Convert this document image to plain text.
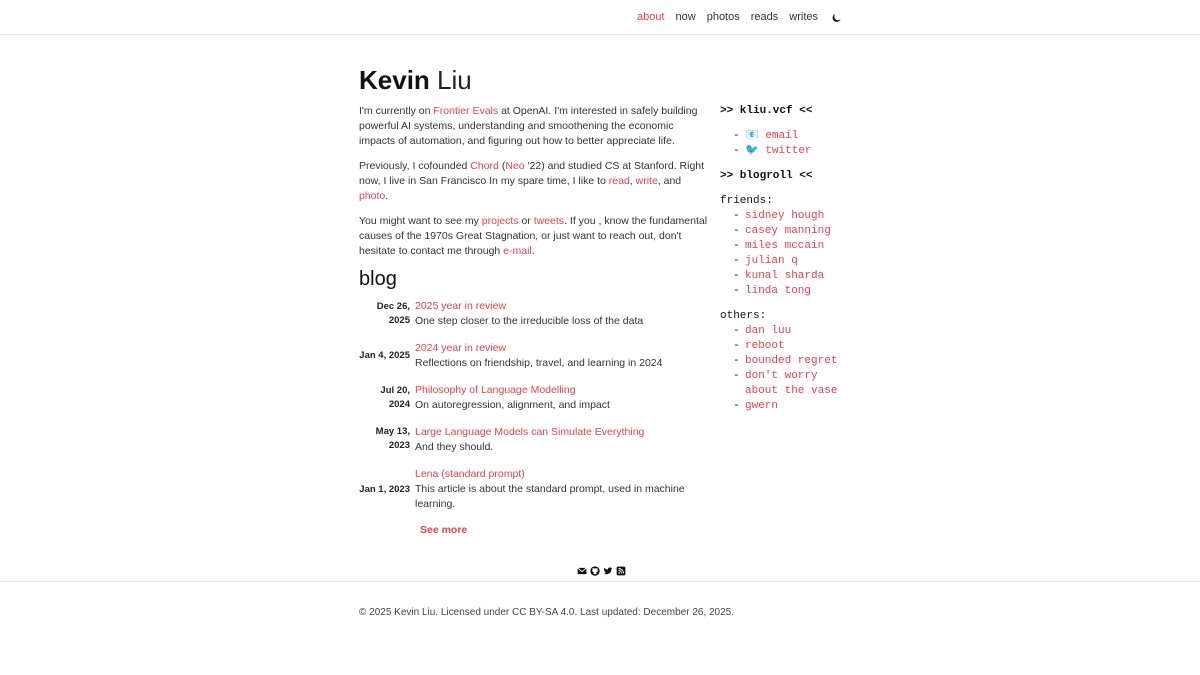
about now photos reads writes
Kevin Liu

I'm currently on Frontier Evals at OpenAI. I'm interested in safely building powerful AI systems, understanding and smoothening the economic impacts of automation, and figuring out how to better appreciate life.

Previously, I cofounded Chord (Neo '22) and studied CS at Stanford. Right now, I live in San Francisco In my spare time, I like to read, write, and photo.

You might want to see my projects or tweets. If you , know the fundamental causes of the 1970s Great Stagnation, or just want to reach out, don't hesitate to contact me through e-mail.

blog
Dec 26, 2025
2025 year in review
One step closer to the irreducible loss of the data
Jan 4, 2025
2024 year in review
Reflections on friendship, travel, and learning in 2024
Jul 20, 2024
Philosophy of Language Modelling
On autoregression, alignment, and impact
May 13, 2023
Large Language Models can Simulate Everything
And they should.
Jan 1, 2023
Lena (standard prompt)
This article is about the standard prompt, used in machine learning.
See more
>> kliu.vcf <<
- 📧 email
- 🐦 twitter
>> blogroll <<
friends:
- sidney hough
- casey manning
- miles mccain
- julian q
- kunal sharda
- linda tong
others:
- dan luu
- reboot
- bounded regret
- don't worry about the vase
- gwern
© 2025 Kevin Liu. Licensed under CC BY-SA 4.0. Last updated: December 26, 2025.
